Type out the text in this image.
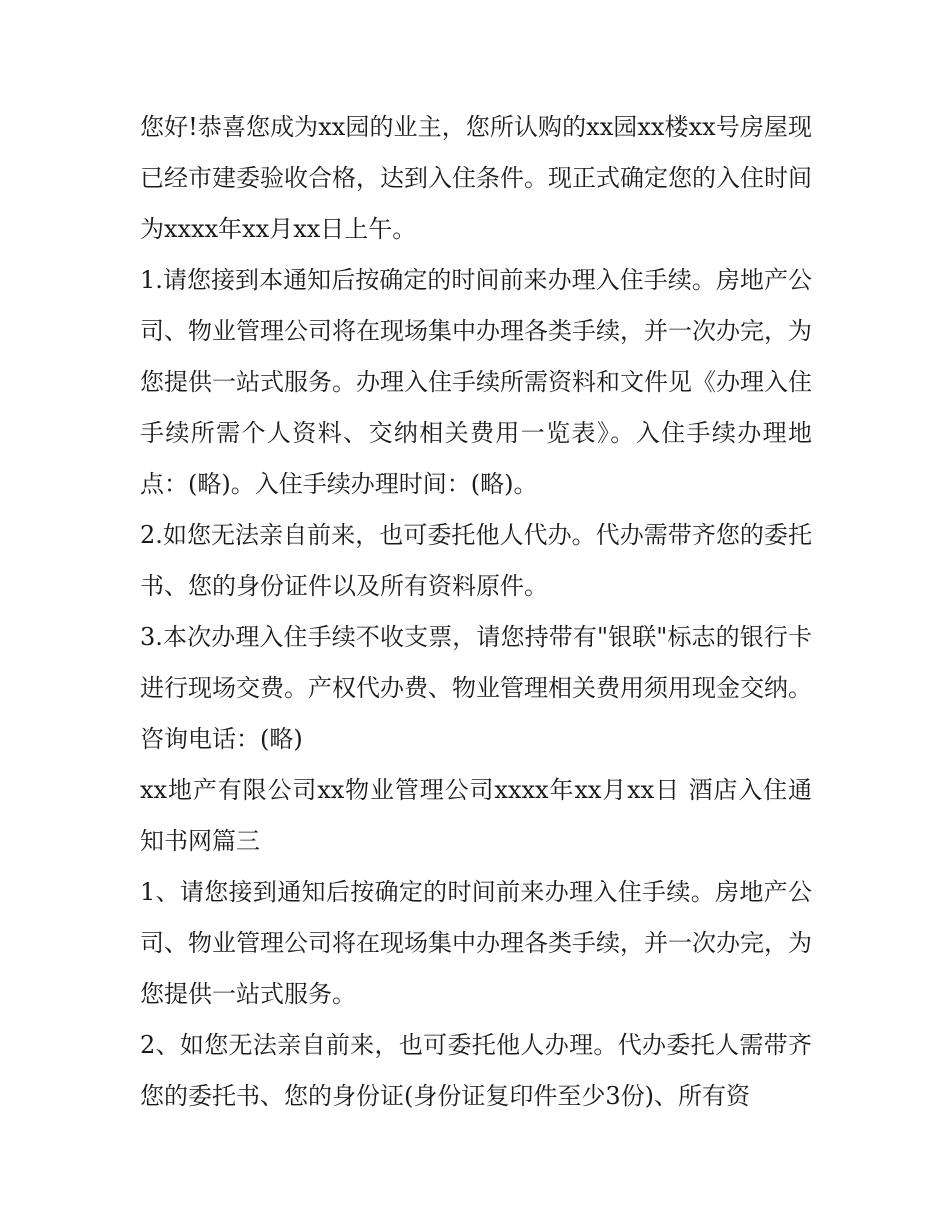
您好!恭喜您成为xx园的业主，您所认购的xx园xx楼xx号房屋现已经市建委验收合格，达到入住条件。现正式确定您的入住时间为xxxx年xx月xx日上午。

1.请您接到本通知后按确定的时间前来办理入住手续。房地产公司、物业管理公司将在现场集中办理各类手续，并一次办完，为您提供一站式服务。办理入住手续所需资料和文件见《办理入住手续所需个人资料、交纳相关费用一览表》。入住手续办理地点：(略)。入住手续办理时间：(略)。

2.如您无法亲自前来，也可委托他人代办。代办需带齐您的委托书、您的身份证件以及所有资料原件。

3.本次办理入住手续不收支票，请您持带有"银联"标志的银行卡进行现场交费。产权代办费、物业管理相关费用须用现金交纳。 咨询电话：(略)

xx地产有限公司xx物业管理公司xxxx年xx月xx日 酒店入住通知书网篇三

1、请您接到通知后按确定的时间前来办理入住手续。房地产公司、物业管理公司将在现场集中办理各类手续，并一次办完，为您提供一站式服务。

2、如您无法亲自前来，也可委托他人办理。代办委托人需带齐您的委托书、您的身份证(身份证复印件至少3份)、所有资
